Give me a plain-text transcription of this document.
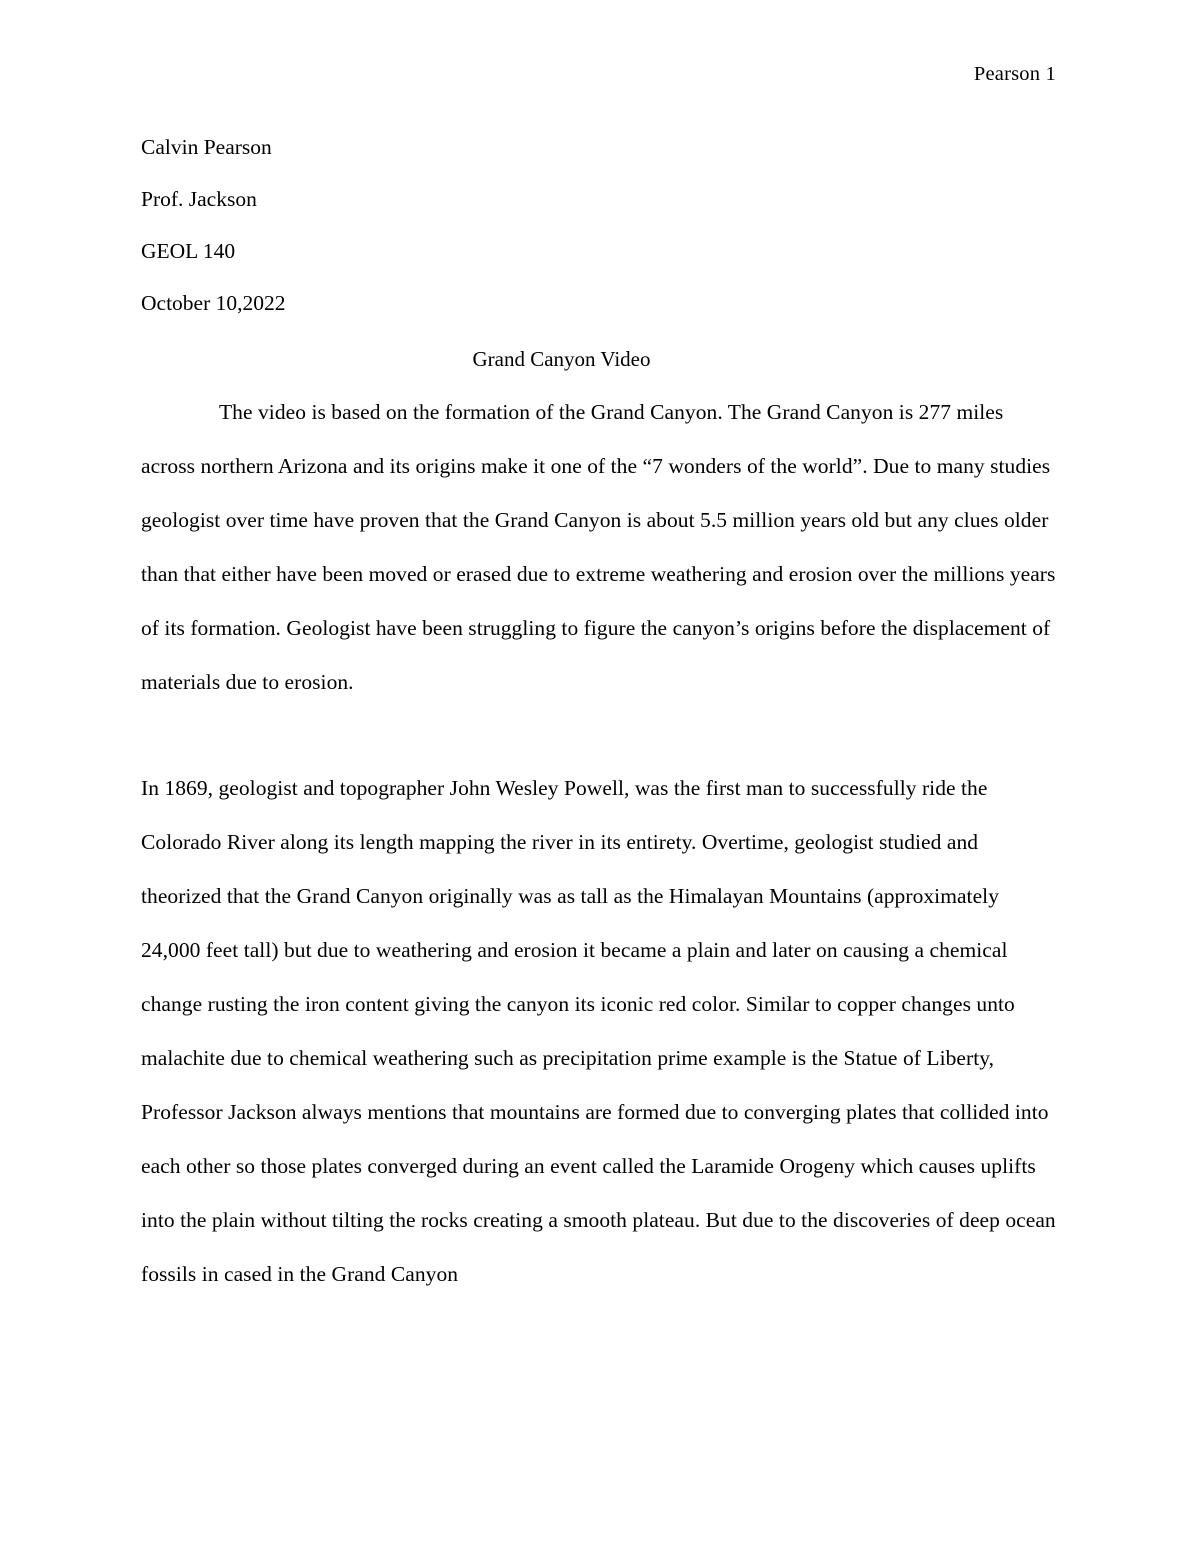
Pearson 1
Calvin Pearson
Prof. Jackson
GEOL 140
October 10,2022
Grand Canyon Video

The video is based on the formation of the Grand Canyon. The Grand Canyon is 277 miles across northern Arizona and its origins make it one of the “7 wonders of the world”. Due to many studies geologist over time have proven that the Grand Canyon is about 5.5 million years old but any clues older than that either have been moved or erased due to extreme weathering and erosion over the millions years of its formation. Geologist have been struggling to figure the canyon’s origins before the displacement of materials due to erosion.

In 1869, geologist and topographer John Wesley Powell, was the first man to successfully ride the Colorado River along its length mapping the river in its entirety. Overtime, geologist studied and theorized that the Grand Canyon originally was as tall as the Himalayan Mountains (approximately 24,000 feet tall) but due to weathering and erosion it became a plain and later on causing a chemical change rusting the iron content giving the canyon its iconic red color. Similar to copper changes unto malachite due to chemical weathering such as precipitation prime example is the Statue of Liberty, Professor Jackson always mentions that mountains are formed due to converging plates that collided into each other so those plates converged during an event called the Laramide Orogeny which causes uplifts into the plain without tilting the rocks creating a smooth plateau. But due to the discoveries of deep ocean fossils in cased in the Grand Canyon
